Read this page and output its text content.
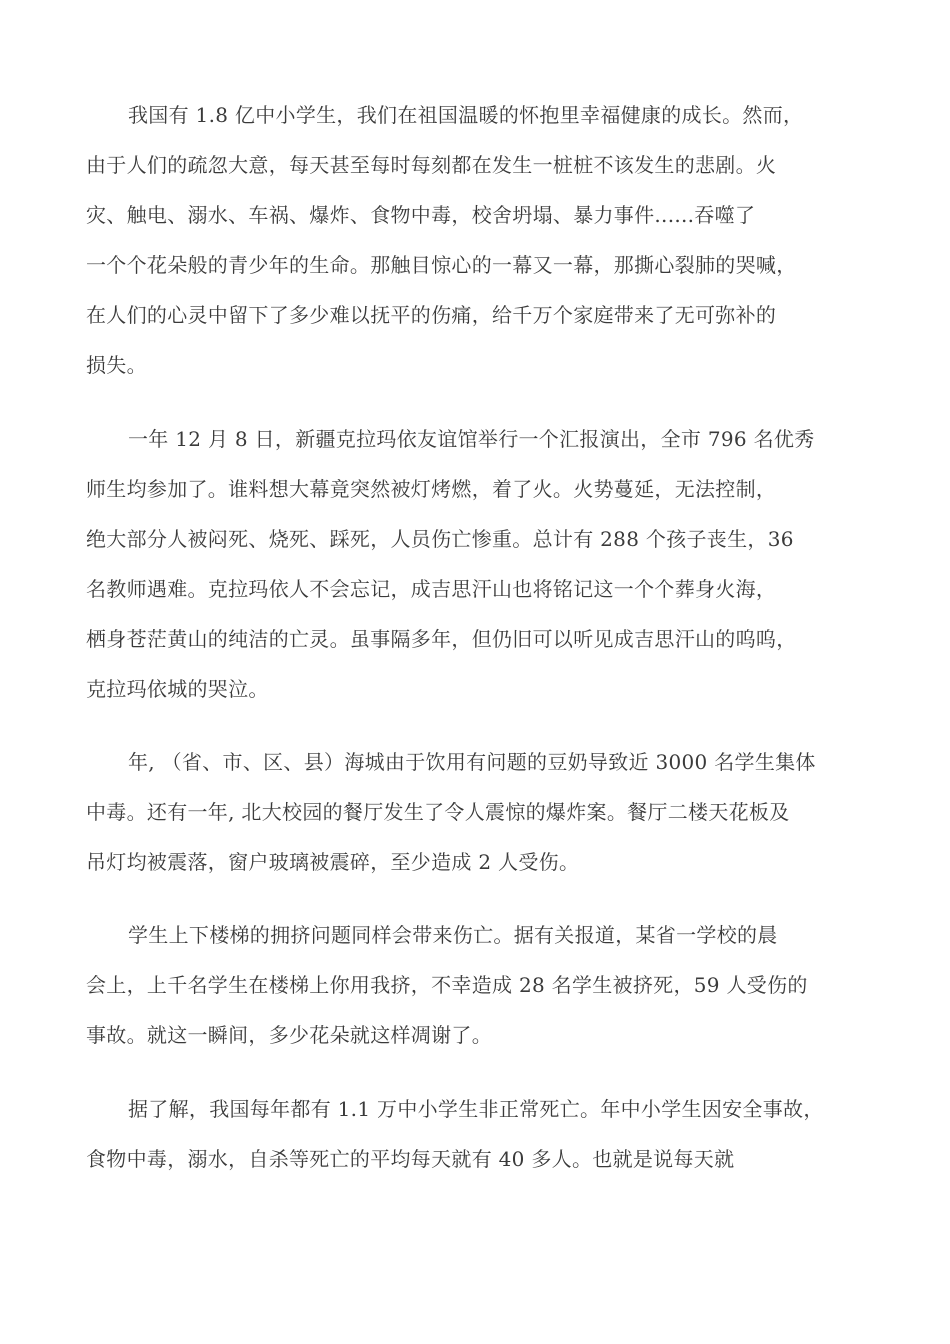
我国有 1.8 亿中小学生，我们在祖国温暖的怀抱里幸福健康的成长。然而，
由于人们的疏忽大意，每天甚至每时每刻都在发生一桩桩不该发生的悲剧。火
灾、触电、溺水、车祸、爆炸、食物中毒，校舍坍塌、暴力事件......吞噬了
一个个花朵般的青少年的生命。那触目惊心的一幕又一幕，那撕心裂肺的哭喊，
在人们的心灵中留下了多少难以抚平的伤痛，给千万个家庭带来了无可弥补的
损失。

一年 12 月 8 日，新疆克拉玛依友谊馆举行一个汇报演出，全市 796 名优秀
师生均参加了。谁料想大幕竟突然被灯烤燃，着了火。火势蔓延，无法控制，
绝大部分人被闷死、烧死、踩死，人员伤亡惨重。总计有 288 个孩子丧生，36
名教师遇难。克拉玛依人不会忘记，成吉思汗山也将铭记这一个个葬身火海，
栖身苍茫黄山的纯洁的亡灵。虽事隔多年，但仍旧可以听见成吉思汗山的呜呜，
克拉玛依城的哭泣。

年, （省、市、区、县）海城由于饮用有问题的豆奶导致近 3000 名学生集体
中毒。还有一年, 北大校园的餐厅发生了令人震惊的爆炸案。餐厅二楼天花板及
吊灯均被震落，窗户玻璃被震碎，至少造成 2 人受伤。

学生上下楼梯的拥挤问题同样会带来伤亡。据有关报道，某省一学校的晨
会上，上千名学生在楼梯上你用我挤，不幸造成 28 名学生被挤死，59 人受伤的
事故。就这一瞬间，多少花朵就这样凋谢了。

据了解，我国每年都有 1.1 万中小学生非正常死亡。年中小学生因安全事故，
食物中毒，溺水，自杀等死亡的平均每天就有 40 多人。也就是说每天就
